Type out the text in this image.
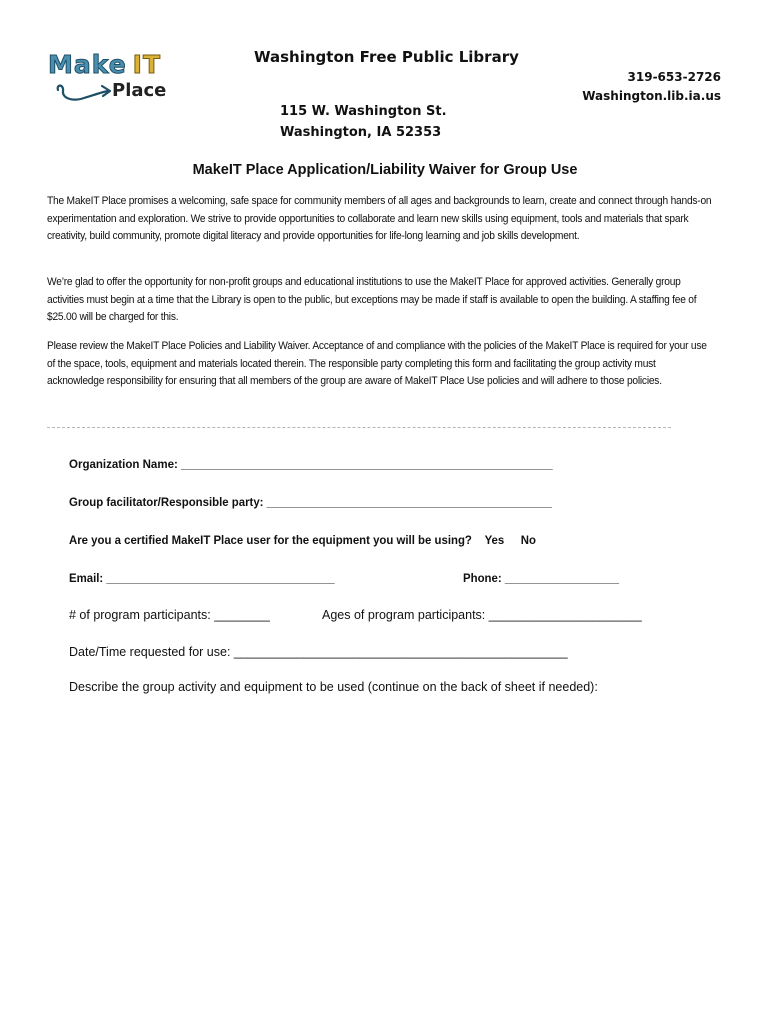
Make IT
Place
Washington Free Public Library
319-653-2726
Washington.lib.ia.us
115 W. Washington St.
Washington, IA 52353
MakeIT Place Application/Liability Waiver for Group Use

The MakeIT Place promises a welcoming, safe space for community members of all ages and backgrounds to learn, create and connect through hands-on experimentation and exploration. We strive to provide opportunities to collaborate and learn new skills using equipment, tools and materials that spark creativity, build community, promote digital literacy and provide opportunities for life-long learning and job skills development.

We’re glad to offer the opportunity for non-profit groups and educational institutions to use the MakeIT Place for approved activities. Generally group activities must begin at a time that the Library is open to the public, but exceptions may be made if staff is available to open the building. A staffing fee of $25.00 will be charged for this.

Please review the MakeIT Place Policies and Liability Waiver. Acceptance of and compliance with the policies of the MakeIT Place is required for your use of the space, tools, equipment and materials located therein. The responsible party completing this form and facilitating the group activity must acknowledge responsibility for ensuring that all members of the group are aware of MakeIT Place Use policies and will adhere to those policies.

Organization Name: __________________________________________________________
Group facilitator/Responsible party: _____________________________________________
Are you a certified MakeIT Place user for the equipment you will be using? Yes No
Email: ____________________________________	Phone: __________________
# of program participants: ________	Ages of program participants: ______________________
Date/Time requested for use: ________________________________________________
Describe the group activity and equipment to be used (continue on the back of sheet if needed):
